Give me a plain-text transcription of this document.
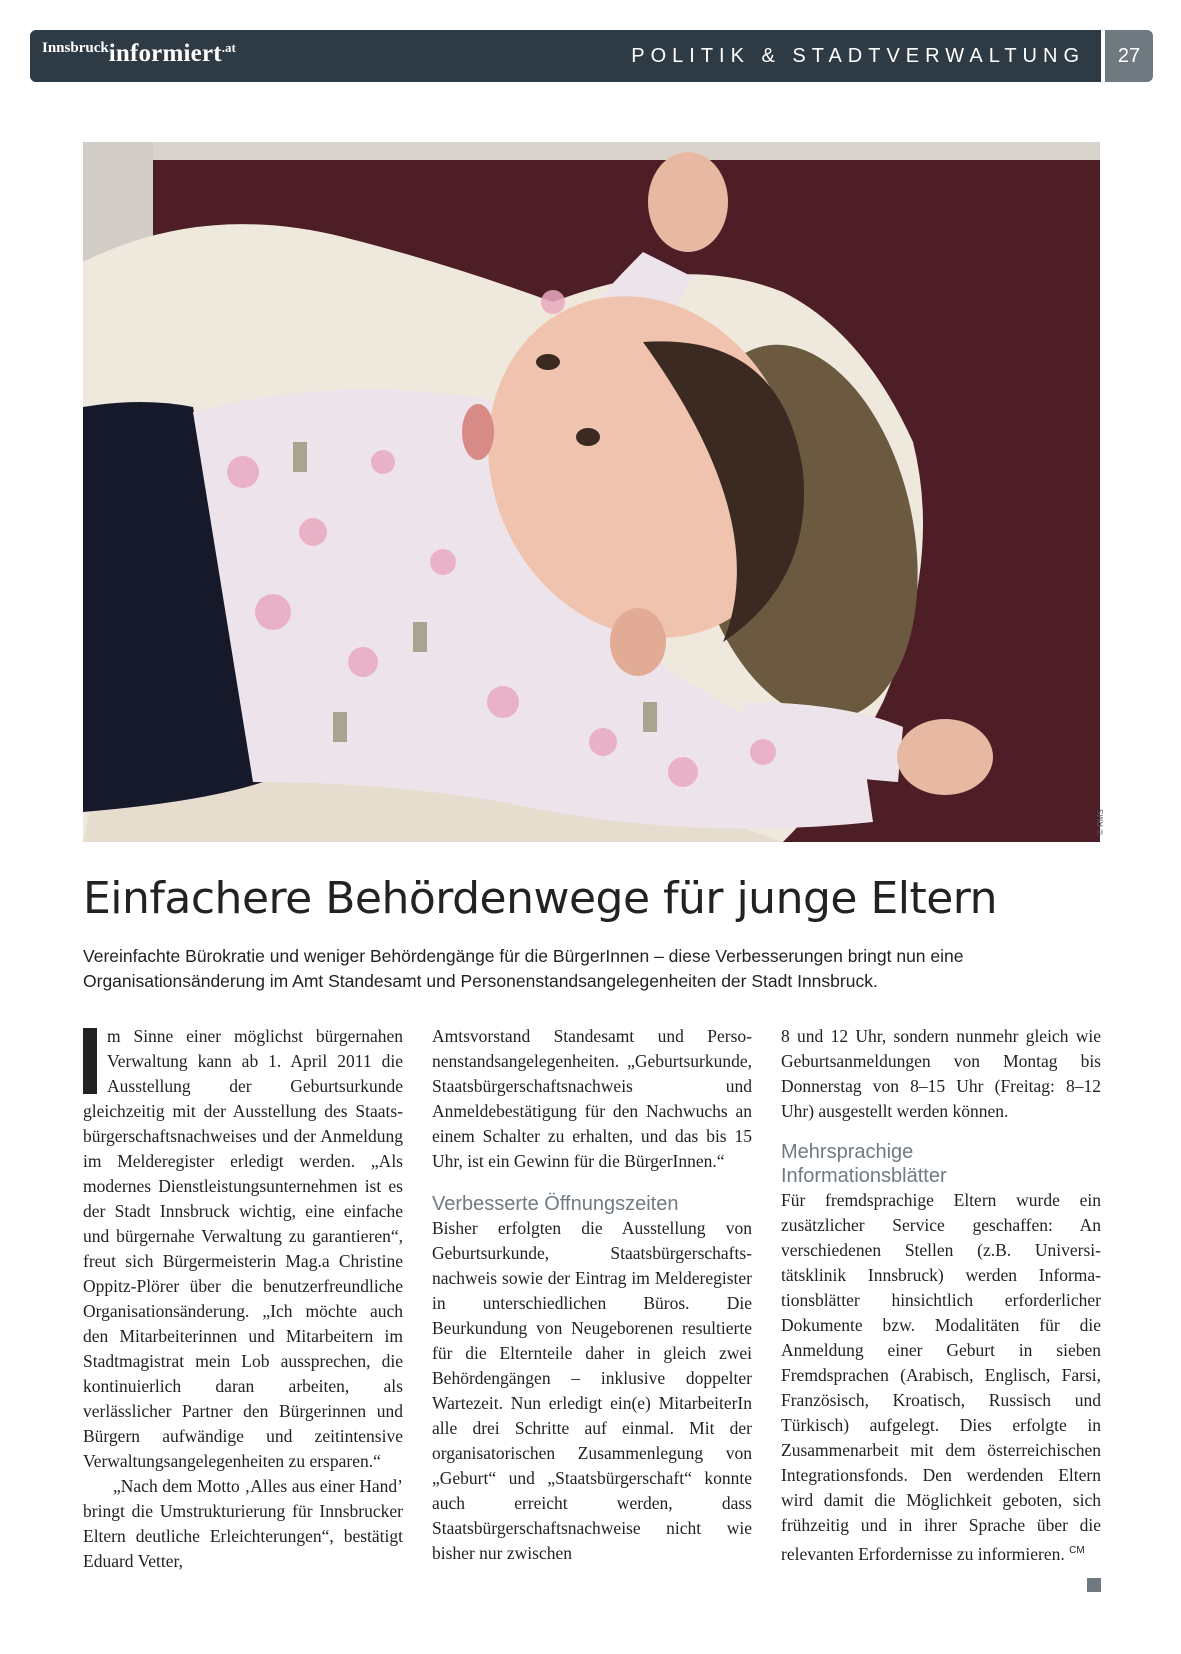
Innsbruckinformiert$^{.at}$	POLITIK & STADTVERWALTUNG	27
© RMS
Einfachere Behördenwege für junge Eltern

Vereinfachte Bürokratie und weniger Behördengänge für die BürgerInnen – diese Verbesserungen bringt nun eine Organisationsänderung im Amt Standesamt und Personenstandsangelegenheiten der Stadt Innsbruck.

m Sinne einer möglichst bürgernahen Verwaltung kann ab 1. April 2011 die Ausstellung der Geburtsurkunde gleichzeitig mit der Ausstellung des Staatsbürgerschaftsnachweises und der Anmeldung im Melderegister erledigt werden. „Als modernes Dienstleistungsunternehmen ist es der Stadt Innsbruck wichtig, eine einfache und bürgernahe Verwaltung zu garantieren“, freut sich Bürgermeisterin Mag.a Christine Oppitz-Plörer über die benutzerfreundliche Organisationsänderung. „Ich möchte auch den Mitarbeiterinnen und Mitarbeitern im Stadtmagistrat mein Lob aussprechen, die kontinuierlich daran arbeiten, als verlässlicher Partner den Bürgerinnen und Bürgern aufwändige und zeitintensive Verwaltungsangelegenheiten zu ersparen.“

„Nach dem Motto ‚Alles aus einer Hand’ bringt die Umstrukturierung für Innsbrucker Eltern deutliche Erleichterungen“, bestätigt Eduard Vetter,

Amtsvorstand Standesamt und Personenstandsangelegenheiten. „Geburtsurkunde, Staatsbürgerschaftsnachweis und Anmeldebestätigung für den Nachwuchs an einem Schalter zu erhalten, und das bis 15 Uhr, ist ein Gewinn für die BürgerInnen.“

Verbesserte Öffnungszeiten

Bisher erfolgten die Ausstellung von Geburtsurkunde, Staatsbürgerschaftsnachweis sowie der Eintrag im Melderegister in unterschiedlichen Büros. Die Beurkundung von Neugeborenen resultierte für die Elternteile daher in gleich zwei Behördengängen – inklusive doppelter Wartezeit. Nun erledigt ein(e) MitarbeiterIn alle drei Schritte auf einmal. Mit der organisatorischen Zusammenlegung von „Geburt“ und „Staatsbürgerschaft“ konnte auch erreicht werden, dass Staatsbürgerschaftsnachweise nicht wie bisher nur zwischen

8 und 12 Uhr, sondern nunmehr gleich wie Geburtsanmeldungen von Montag bis Donnerstag von 8–15 Uhr (Freitag: 8–12 Uhr) ausgestellt werden können.

Mehrsprachige Informationsblätter

Für fremdsprachige Eltern wurde ein zusätzlicher Service geschaffen: An verschiedenen Stellen (z.B. Universitätsklinik Innsbruck) werden Informationsblätter hinsichtlich erforderlicher Dokumente bzw. Modalitäten für die Anmeldung einer Geburt in sieben Fremdsprachen (Arabisch, Englisch, Farsi, Französisch, Kroatisch, Russisch und Türkisch) aufgelegt. Dies erfolgte in Zusammenarbeit mit dem österreichischen Integrationsfonds. Den werdenden Eltern wird damit die Möglichkeit geboten, sich frühzeitig und in ihrer Sprache über die relevanten Erfordernisse zu informieren. $^{CM}$
